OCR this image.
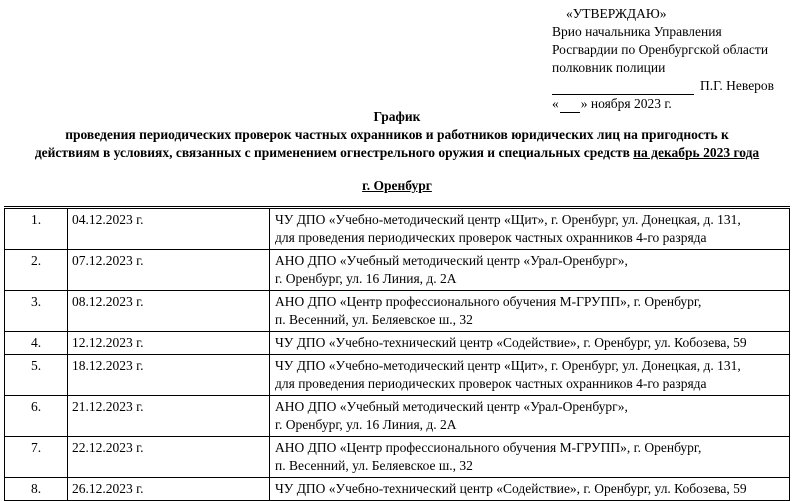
«УТВЕРЖДАЮ»
Врио начальника Управления
Росгвардии по Оренбургской области
полковник полиции
П.Г. Неверов
« » ноября 2023 г.
График
проведения периодических проверок частных охранников и работников юридических лиц на пригодность к
действиям в условиях, связанных с применением огнестрельного оружия и специальных средств на декабрь 2023 года
г. Оренбург
1.	04.12.2023 г.	ЧУ ДПО «Учебно-методический центр «Щит», г. Оренбург, ул. Донецкая, д. 131,
для проведения периодических проверок частных охранников 4-го разряда

2.	07.12.2023 г.	АНО ДПО «Учебный методический центр «Урал-Оренбург»,
г. Оренбург, ул. 16 Линия, д. 2А

3.	08.12.2023 г.	АНО ДПО «Центр профессионального обучения М-ГРУПП», г. Оренбург,
п. Весенний, ул. Беляевское ш., 32

4.	12.12.2023 г.	ЧУ ДПО «Учебно-технический центр «Содействие», г. Оренбург, ул. Кобозева, 59

5.	18.12.2023 г.	ЧУ ДПО «Учебно-методический центр «Щит», г. Оренбург, ул. Донецкая, д. 131,
для проведения периодических проверок частных охранников 4-го разряда

6.	21.12.2023 г.	АНО ДПО «Учебный методический центр «Урал-Оренбург»,
г. Оренбург, ул. 16 Линия, д. 2А

7.	22.12.2023 г.	АНО ДПО «Центр профессионального обучения М-ГРУПП», г. Оренбург,
п. Весенний, ул. Беляевское ш., 32

8.	26.12.2023 г.	ЧУ ДПО «Учебно-технический центр «Содействие», г. Оренбург, ул. Кобозева, 59
